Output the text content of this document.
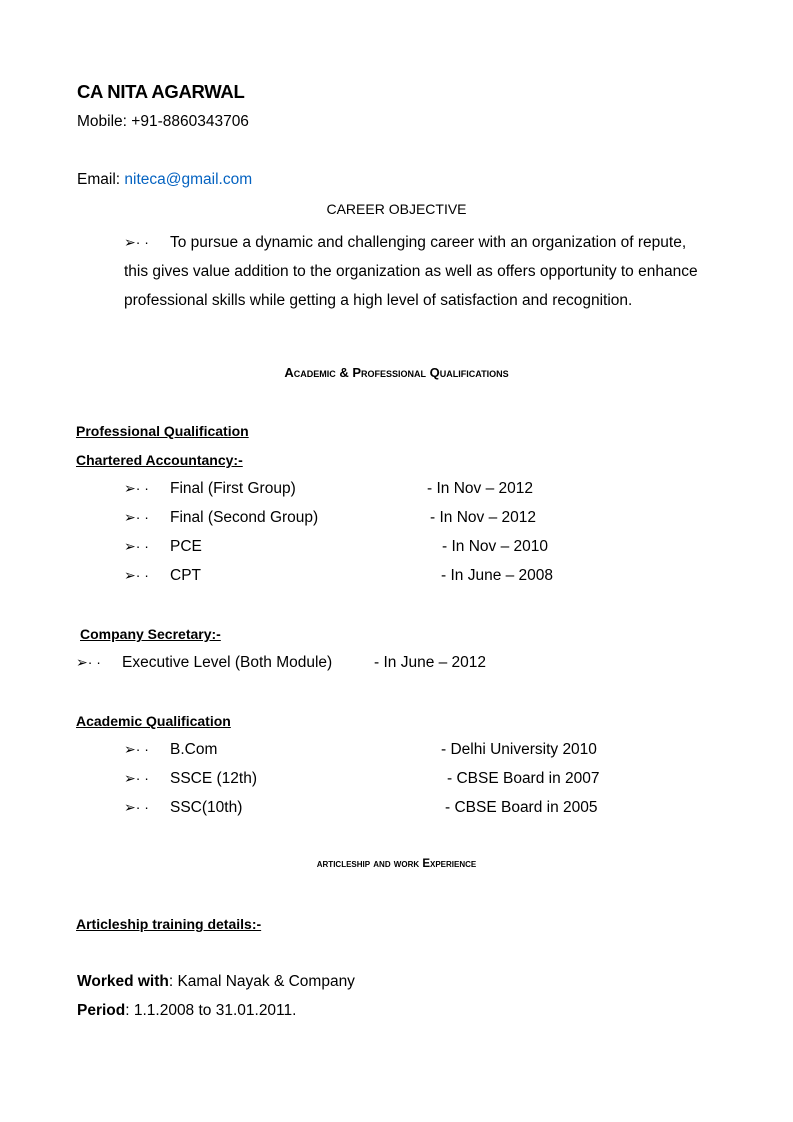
CA NITA AGARWAL
Mobile: +91-8860343706
Email: niteca@gmail.com
CAREER OBJECTIVE
➢· · To pursue a dynamic and challenging career with an organization of repute,
this gives value addition to the organization as well as offers opportunity to enhance
professional skills while getting a high level of satisfaction and recognition.
Academic & Professional Qualifications
Professional Qualification
Chartered Accountancy:-
➢· · Final (First Group)	- In Nov – 2012
➢· · Final (Second Group)	- In Nov – 2012
➢· · PCE	- In Nov – 2010
➢· · CPT	- In June – 2008
Company Secretary:-
➢· · Executive Level (Both Module)	- In June – 2012
Academic Qualification
➢· · B.Com	- Delhi University 2010
➢· · SSCE (12th)	- CBSE Board in 2007
➢· · SSC(10th)	- CBSE Board in 2005
articleship and work Experience
Articleship training details:-
Worked with: Kamal Nayak & Company
Period: 1.1.2008 to 31.01.2011.
